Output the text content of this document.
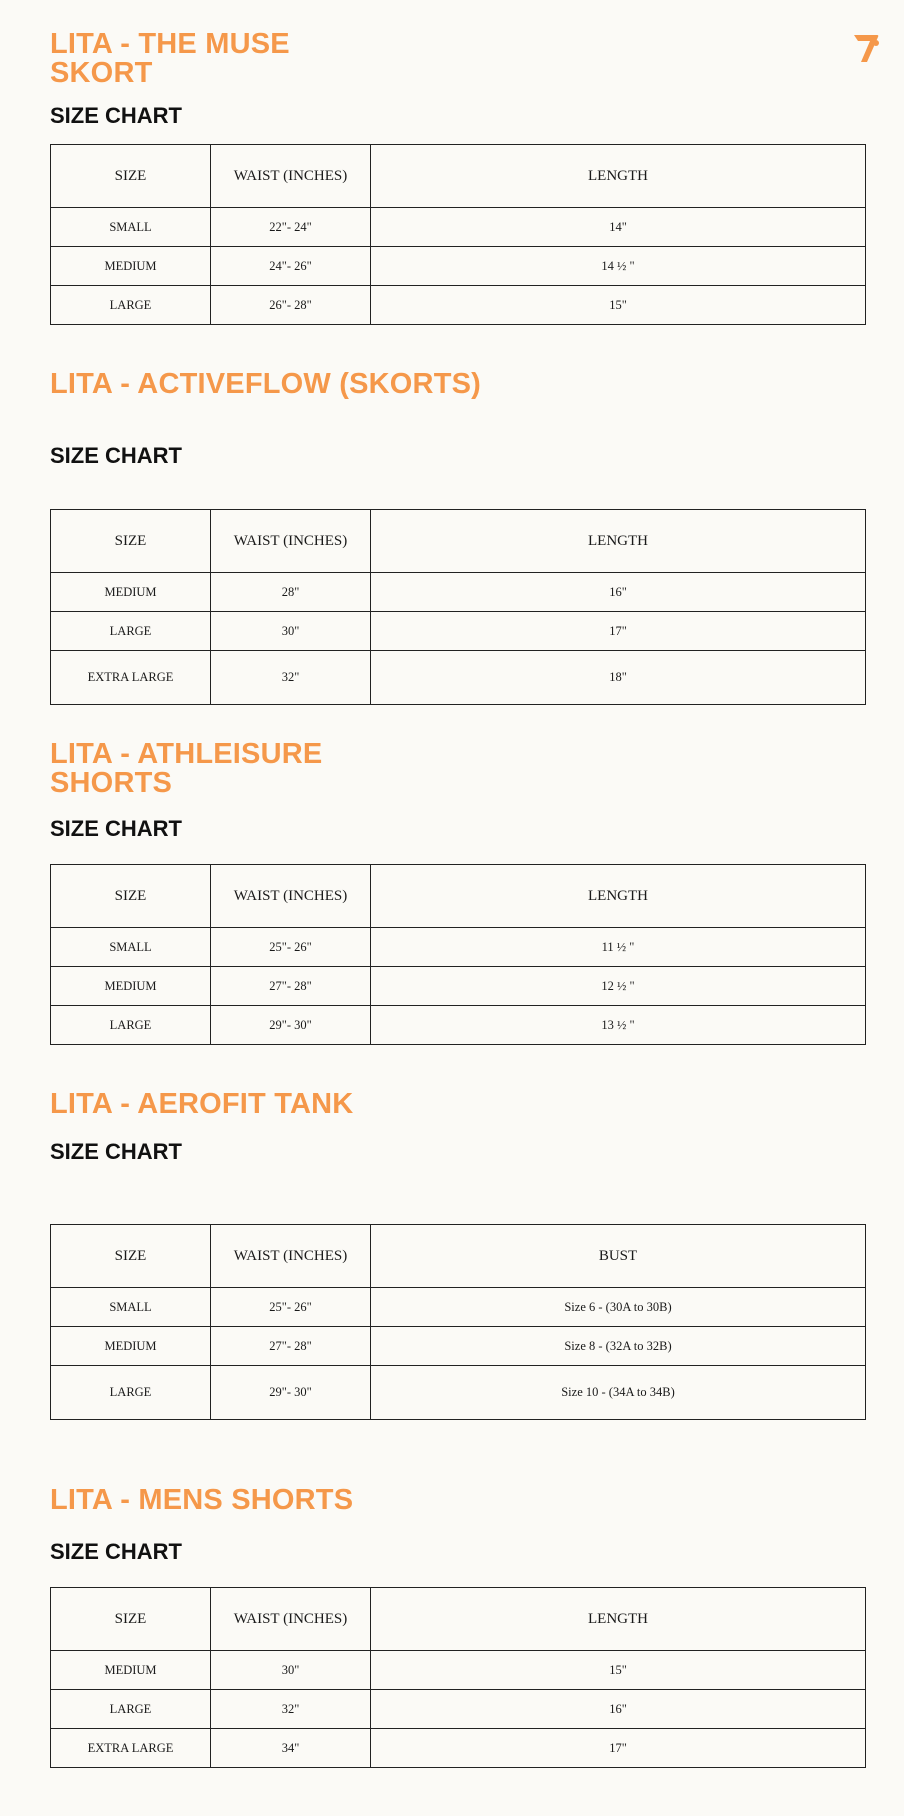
LITA - THE MUSE
SKORT
SIZE CHART
SIZE	WAIST (INCHES)	LENGTH
SMALL	22"- 24"	14"
MEDIUM	24"- 26"	14 ½ "
LARGE	26"- 28"	15"
LITA - ACTIVEFLOW (SKORTS)
SIZE CHART
SIZE	WAIST (INCHES)	LENGTH
MEDIUM	28"	16"
LARGE	30"	17"
EXTRA LARGE	32"	18"
LITA - ATHLEISURE
SHORTS
SIZE CHART
SIZE	WAIST (INCHES)	LENGTH
SMALL	25"- 26"	11 ½ "
MEDIUM	27"- 28"	12 ½ "
LARGE	29"- 30"	13 ½ "
LITA - AEROFIT TANK
SIZE CHART
SIZE	WAIST (INCHES)	BUST
SMALL	25"- 26"	Size 6 - (30A to 30B)
MEDIUM	27"- 28"	Size 8 - (32A to 32B)
LARGE	29"- 30"	Size 10 - (34A to 34B)
LITA - MENS SHORTS
SIZE CHART
SIZE	WAIST (INCHES)	LENGTH
MEDIUM	30"	15"
LARGE	32"	16"
EXTRA LARGE	34"	17"
